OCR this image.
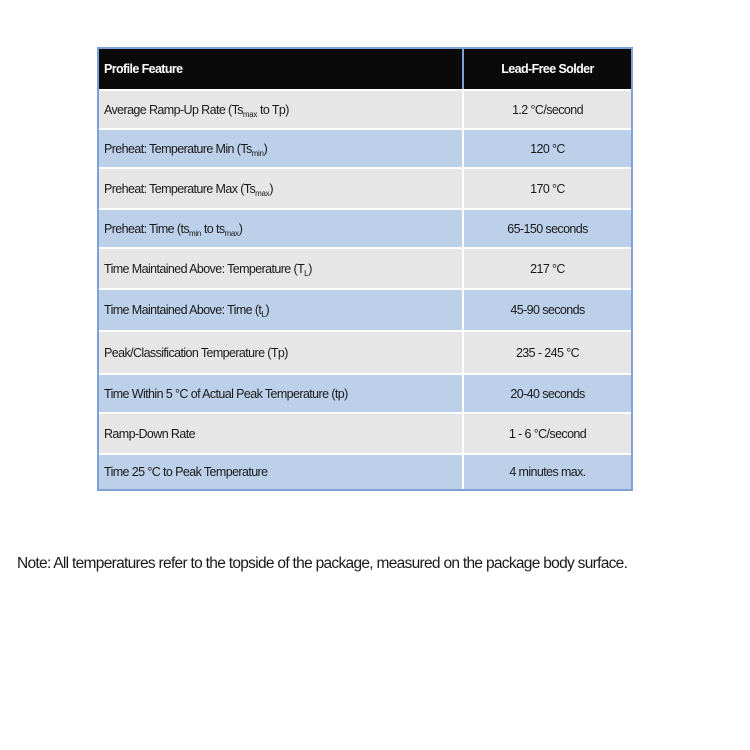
Profile Feature	Lead-Free Solder
Average Ramp-Up Rate ($Ts_{max}$ to Tp)	1.2 °C/second
Preheat: Temperature Min $(Ts_{min})$	120 °C
Preheat: Temperature Max $(Ts_{max})$	170 °C
Preheat: Time ($ts_{min}$ to $ts_{max}$)	65-150 seconds
Time Maintained Above: Temperature $(T_L)$	217 °C
Time Maintained Above: Time $(t_L)$	45-90 seconds
Peak/Classification Temperature (Tp)	235 - 245 °C
Time Within 5 °C of Actual Peak Temperature (tp)	20-40 seconds
Ramp-Down Rate	1 - 6 °C/second
Time 25 °C to Peak Temperature	4 minutes max.
Note: All temperatures refer to the topside of the package, measured on the package body surface.
